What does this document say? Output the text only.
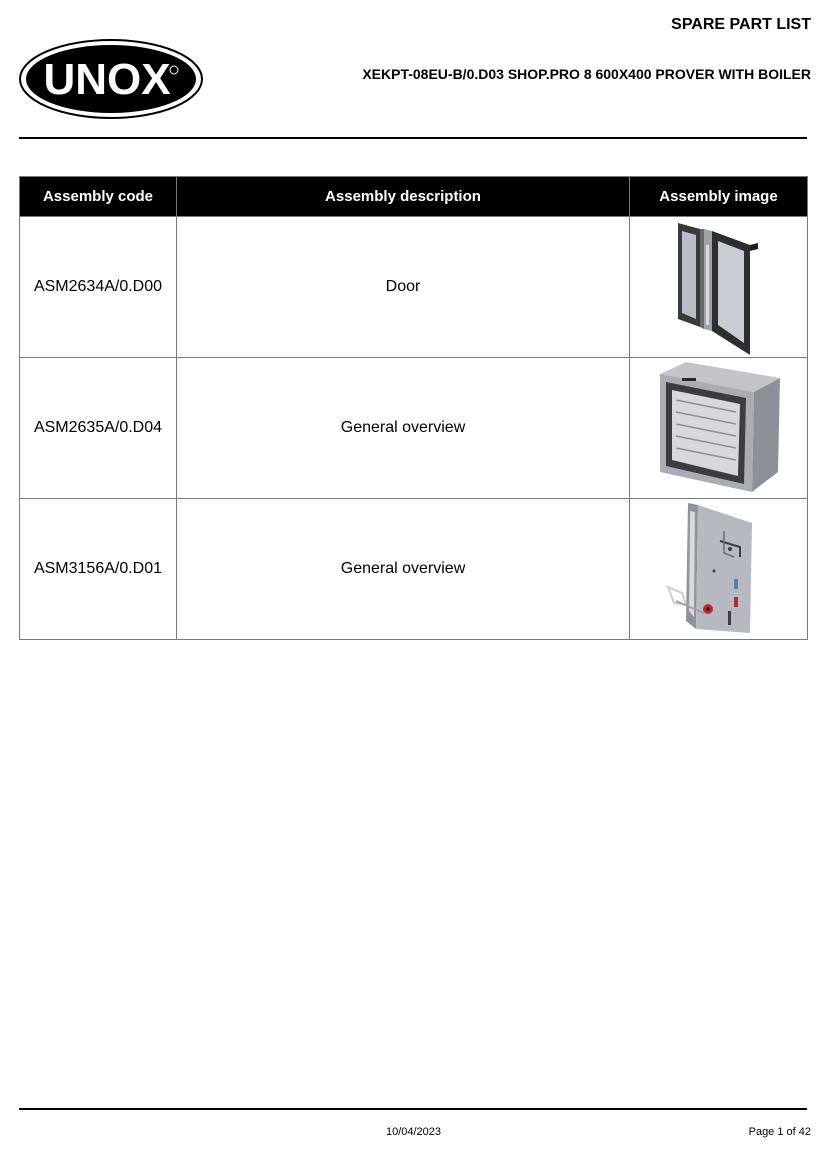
UNOX
SPARE PART LIST
XEKPT-08EU-B/0.D03 SHOP.PRO 8 600X400 PROVER WITH BOILER
Assembly code	Assembly description	Assembly image
ASM2634A/0.D00	Door	

ASM2635A/0.D04	General overview	

ASM3156A/0.D01	General overview	
10/04/2023	Page 1 of 42
